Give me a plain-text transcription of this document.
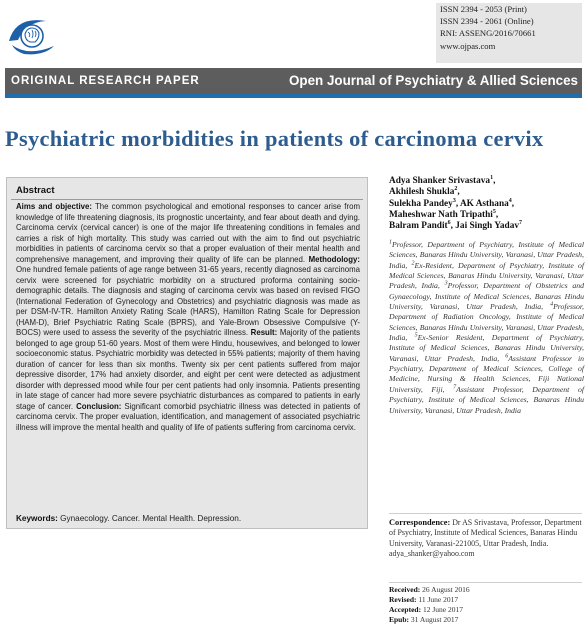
ISSN 2394 - 2053 (Print)
ISSN 2394 - 2061 (Online)
RNI: ASSENG/2016/70661
www.ojpas.com
ORIGINAL RESEARCH PAPER	Open Journal of Psychiatry & Allied Sciences
Psychiatric morbidities in patients of carcinoma cervix
Abstract
Aims and objective: The common psychological and emotional responses to cancer arise from knowledge of life threatening diagnosis, its prognostic uncertainty, and fear about death and dying. Carcinoma cervix (cervical cancer) is one of the major life threatening conditions in females and carries a risk of high mortality. This study was carried out with the aim to find out psychiatric morbidities in patients of carcinoma cervix so that a proper evaluation of their mental health and comprehensive management, and improving their quality of life can be planned. Methodology: One hundred female patients of age range between 31-65 years, recently diagnosed as carcinoma cervix were screened for psychiatric morbidity on a structured proforma containing socio-demographic details. The diagnosis and staging of carcinoma cervix was based on revised FIGO (International Federation of Gynecology and Obstetrics) and psychiatric diagnosis was made as per DSM-IV-TR. Hamilton Anxiety Rating Scale (HARS), Hamilton Rating Scale for Depression (HAM-D), Brief Psychiatric Rating Scale (BPRS), and Yale-Brown Obsessive Compulsive (Y-BOCS) were used to assess the severity of the psychiatric illness. Result: Majority of the patients belonged to age group 51-60 years. Most of them were Hindu, housewives, and belonged to lower socioeconomic status. Psychiatric morbidity was detected in 55% patients; majority of them having duration of cancer for less than six months. Twenty six per cent patients suffered from major depressive disorder, 17% had anxiety disorder, and eight per cent were detected as adjustment disorder with depressed mood while four per cent patients had only insomnia. Patients presenting in late stage of cancer had more severe psychiatric disturbances as compared to patients in early stage of cancer. Conclusion: Significant comorbid psychiatric illness was detected in patients of carcinoma cervix. The proper evaluation, identification, and management of associated psychiatric illness will improve the mental health and quality of life of patients suffering from carcinoma cervix.
Keywords: Gynaecology. Cancer. Mental Health. Depression.
Adya Shanker Srivastava$^1$,
Akhilesh Shukla$^2$,
Sulekha Pandey$^3$, AK Asthana$^4$,
Maheshwar Nath Tripathi$^5$,
Balram Pandit$^6$, Jai Singh Yadav$^7$
$^1$Professor, Department of Psychiatry, Institute of Medical Sciences, Banaras Hindu University, Varanasi, Uttar Pradesh, India, $^2$Ex-Resident, Department of Psychiatry, Institute of Medical Sciences, Banaras Hindu University, Varanasi, Uttar Pradesh, India, $^3$Professor, Department of Obstetrics and Gynaecology, Institute of Medical Sciences, Banaras Hindu University, Varanasi, Uttar Pradesh, India, $^4$Professor, Department of Radiation Oncology, Institute of Medical Sciences, Banaras Hindu University, Varanasi, Uttar Pradesh, India, $^5$Ex-Senior Resident, Department of Psychiatry, Institute of Medical Sciences, Banaras Hindu University, Varanasi, Uttar Pradesh, India, $^6$Assistant Professor in Psychiatry, Department of Medical Sciences, College of Medicine, Nursing & Health Sciences, Fiji National University, Fiji, $^7$Assistant Professor, Department of Psychiatry, Institute of Medical Sciences, Banaras Hindu University, Varanasi, Uttar Pradesh, India
Correspondence: Dr AS Srivastava, Professor, Department of Psychiatry, Institute of Medical Sciences, Banaras Hindu University, Varanasi-221005, Uttar Pradesh, India.
adya_shanker@yahoo.com
Received: 26 August 2016
Revised: 11 June 2017
Accepted: 12 June 2017
Epub: 31 August 2017
